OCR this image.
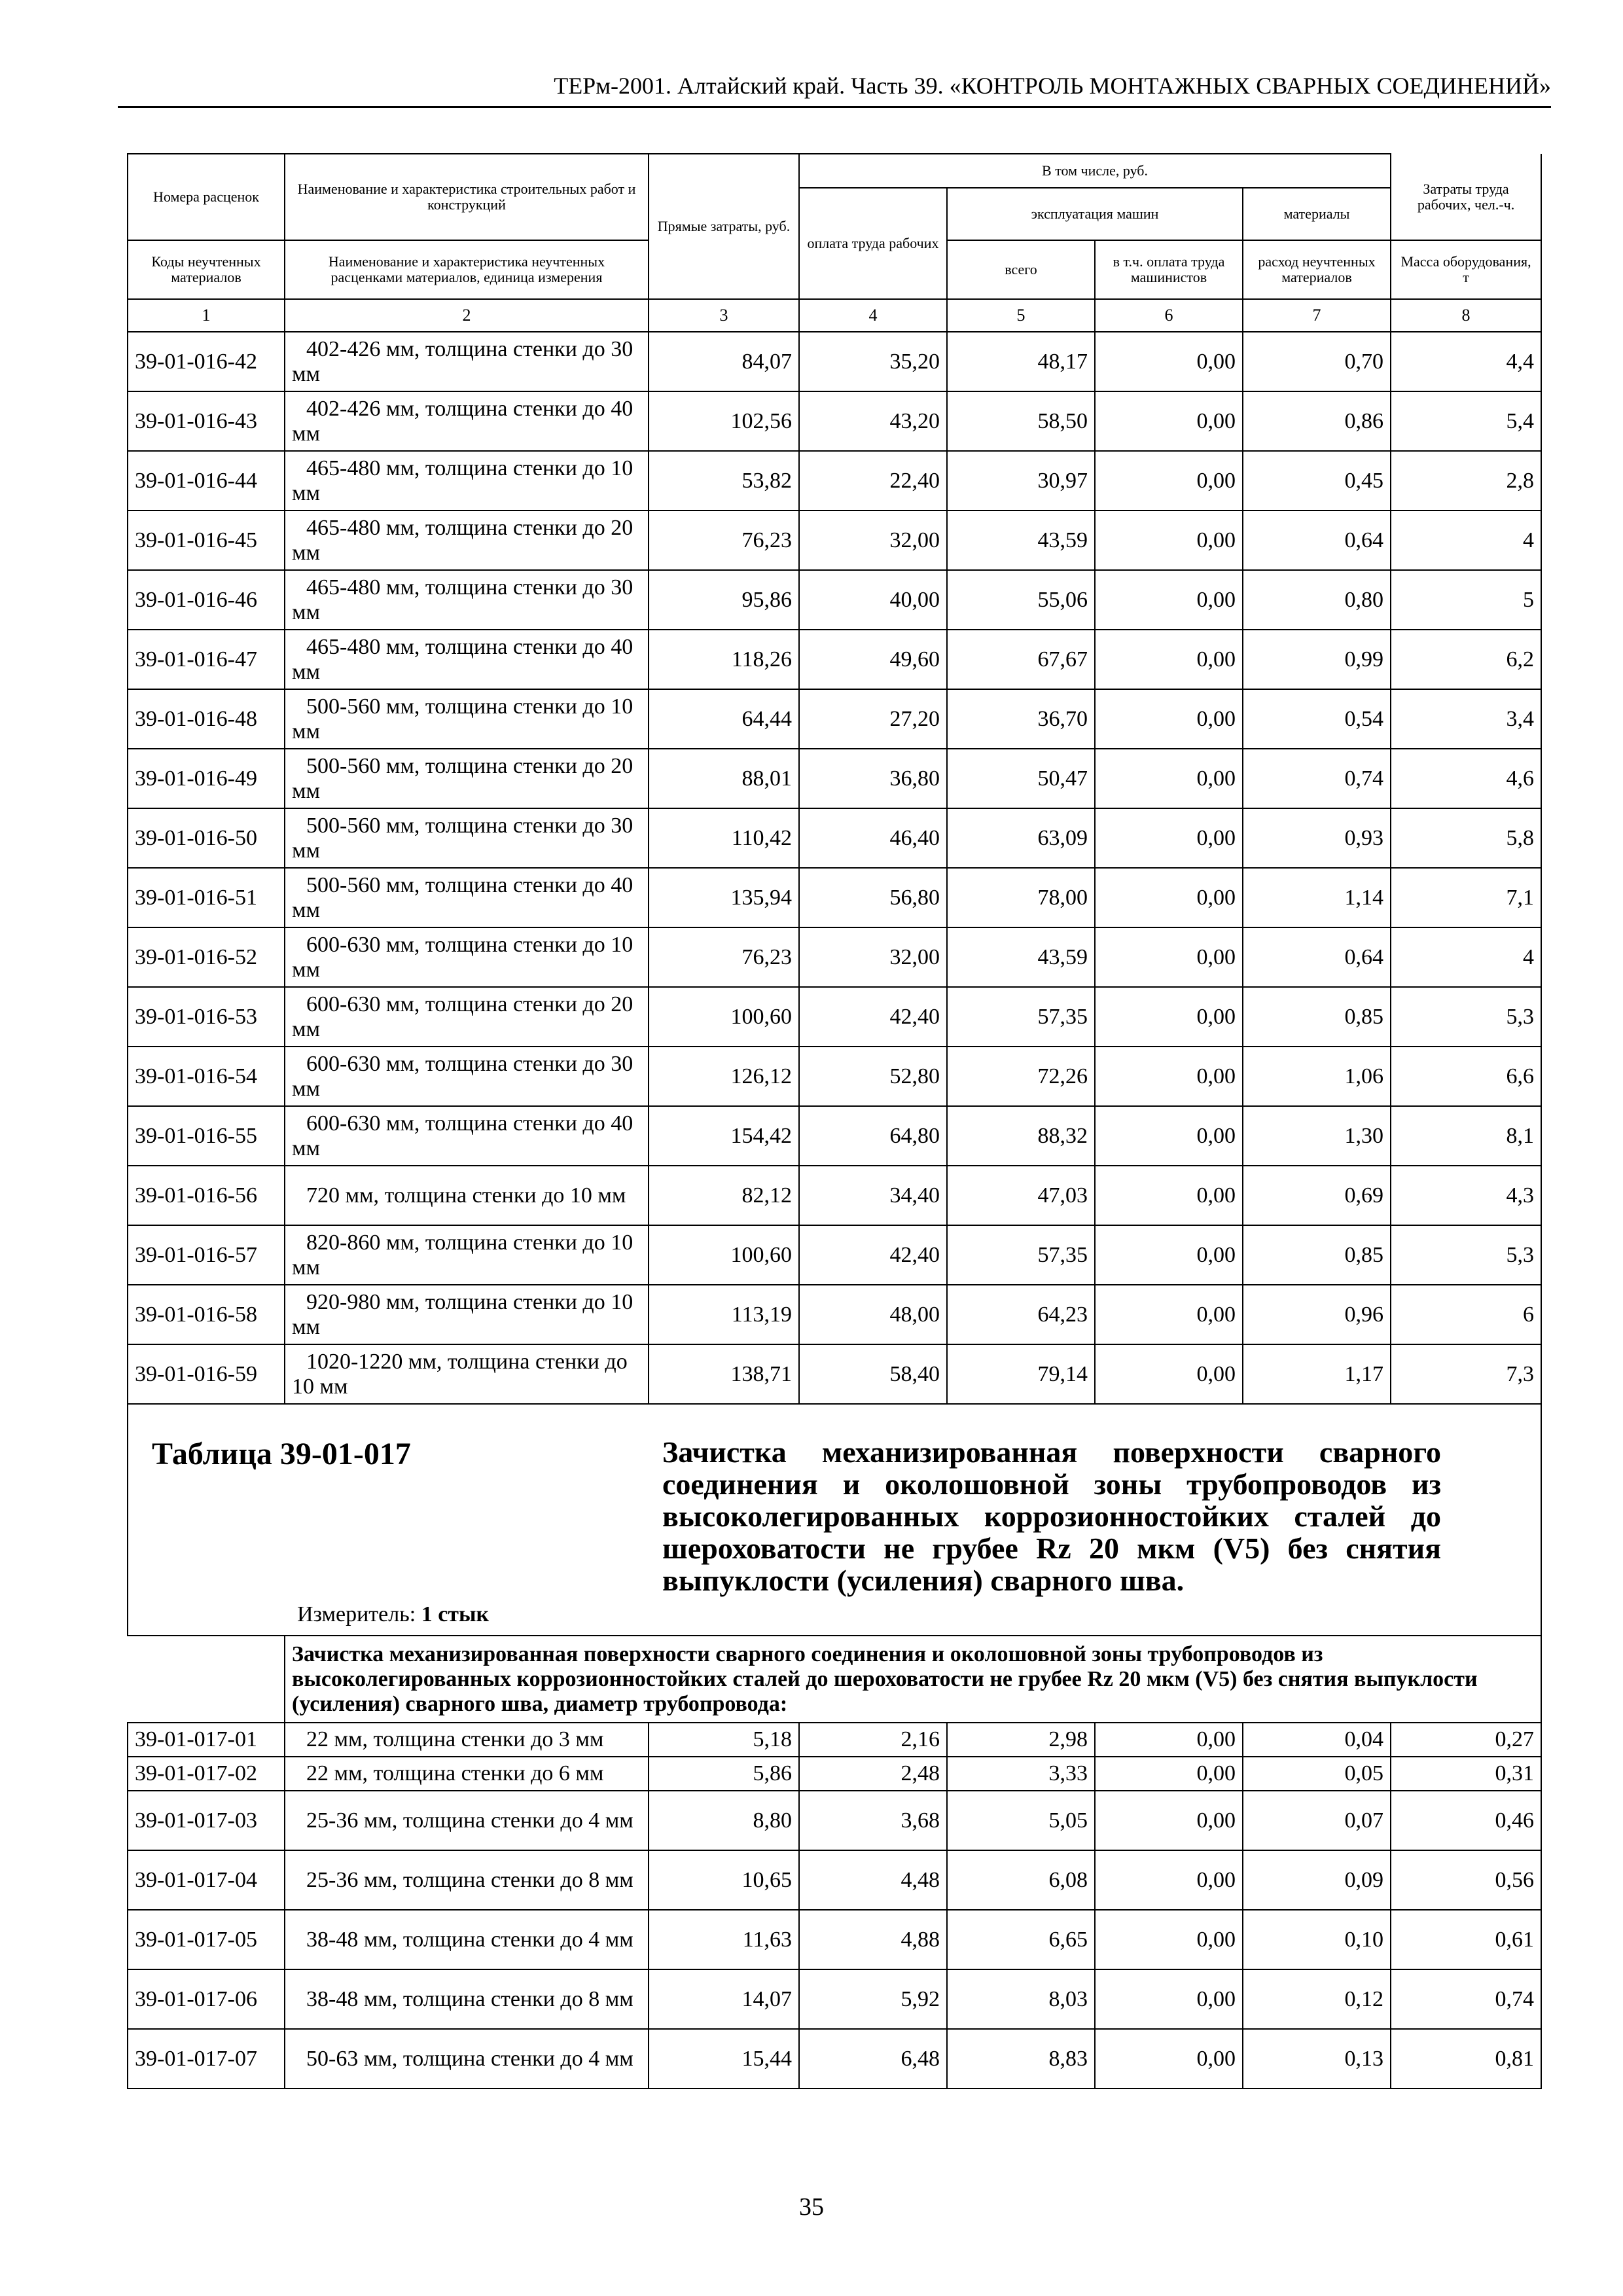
ТЕРм-2001. Алтайский край. Часть 39. «КОНТРОЛЬ МОНТАЖНЫХ СВАРНЫХ СОЕДИНЕНИЙ»
Номера расценок	Наименование и характеристика строительных работ и конструкций	Прямые затраты, руб.	В том числе, руб.				Затраты труда рабочих, чел.-ч.
			оплата труда рабочих	эксплуатация машин		материалы	
Коды неучтенных материалов	Наименование и характеристика неучтенных расценками материалов, единица измерения			всего	в т.ч. оплата труда машинистов	расход неучтенных материалов	Масса оборудования, т
1	2	3	4	5	6	7	8
39-01-016-42	402-426 мм, толщина стенки до 30 мм	84,07	35,20	48,17	0,00	0,70	4,4
39-01-016-43	402-426 мм, толщина стенки до 40 мм	102,56	43,20	58,50	0,00	0,86	5,4
39-01-016-44	465-480 мм, толщина стенки до 10 мм	53,82	22,40	30,97	0,00	0,45	2,8
39-01-016-45	465-480 мм, толщина стенки до 20 мм	76,23	32,00	43,59	0,00	0,64	4
39-01-016-46	465-480 мм, толщина стенки до 30 мм	95,86	40,00	55,06	0,00	0,80	5
39-01-016-47	465-480 мм, толщина стенки до 40 мм	118,26	49,60	67,67	0,00	0,99	6,2
39-01-016-48	500-560 мм, толщина стенки до 10 мм	64,44	27,20	36,70	0,00	0,54	3,4
39-01-016-49	500-560 мм, толщина стенки до 20 мм	88,01	36,80	50,47	0,00	0,74	4,6
39-01-016-50	500-560 мм, толщина стенки до 30 мм	110,42	46,40	63,09	0,00	0,93	5,8
39-01-016-51	500-560 мм, толщина стенки до 40 мм	135,94	56,80	78,00	0,00	1,14	7,1
39-01-016-52	600-630 мм, толщина стенки до 10 мм	76,23	32,00	43,59	0,00	0,64	4
39-01-016-53	600-630 мм, толщина стенки до 20 мм	100,60	42,40	57,35	0,00	0,85	5,3
39-01-016-54	600-630 мм, толщина стенки до 30 мм	126,12	52,80	72,26	0,00	1,06	6,6
39-01-016-55	600-630 мм, толщина стенки до 40 мм	154,42	64,80	88,32	0,00	1,30	8,1
39-01-016-56	720 мм, толщина стенки до 10 мм	82,12	34,40	47,03	0,00	0,69	4,3
39-01-016-57	820-860 мм, толщина стенки до 10 мм	100,60	42,40	57,35	0,00	0,85	5,3
39-01-016-58	920-980 мм, толщина стенки до 10 мм	113,19	48,00	64,23	0,00	0,96	6
39-01-016-59	1020-1220 мм, толщина стенки до 10 мм	138,71	58,40	79,14	0,00	1,17	7,3

Таблица 39-01-017 Зачистка механизированная поверхности сварного соединения и околошовной зоны трубопроводов из высоколегированных коррозионностойких сталей до шероховатости не грубее Rz 20 мкм (V5) без снятия выпуклости (усиления) сварного шва.
Измеритель: 1 стык							

	Зачистка механизированная поверхности сварного соединения и околошовной зоны трубопроводов из высоколегированных коррозионностойких сталей до шероховатости не грубее Rz 20 мкм (V5) без снятия выпуклости (усиления) сварного шва, диаметр трубопровода:						
39-01-017-01	22 мм, толщина стенки до 3 мм	5,18	2,16	2,98	0,00	0,04	0,27
39-01-017-02	22 мм, толщина стенки до 6 мм	5,86	2,48	3,33	0,00	0,05	0,31
39-01-017-03	25-36 мм, толщина стенки до 4 мм	8,80	3,68	5,05	0,00	0,07	0,46
39-01-017-04	25-36 мм, толщина стенки до 8 мм	10,65	4,48	6,08	0,00	0,09	0,56
39-01-017-05	38-48 мм, толщина стенки до 4 мм	11,63	4,88	6,65	0,00	0,10	0,61
39-01-017-06	38-48 мм, толщина стенки до 8 мм	14,07	5,92	8,03	0,00	0,12	0,74
39-01-017-07	50-63 мм, толщина стенки до 4 мм	15,44	6,48	8,83	0,00	0,13	0,81
35
